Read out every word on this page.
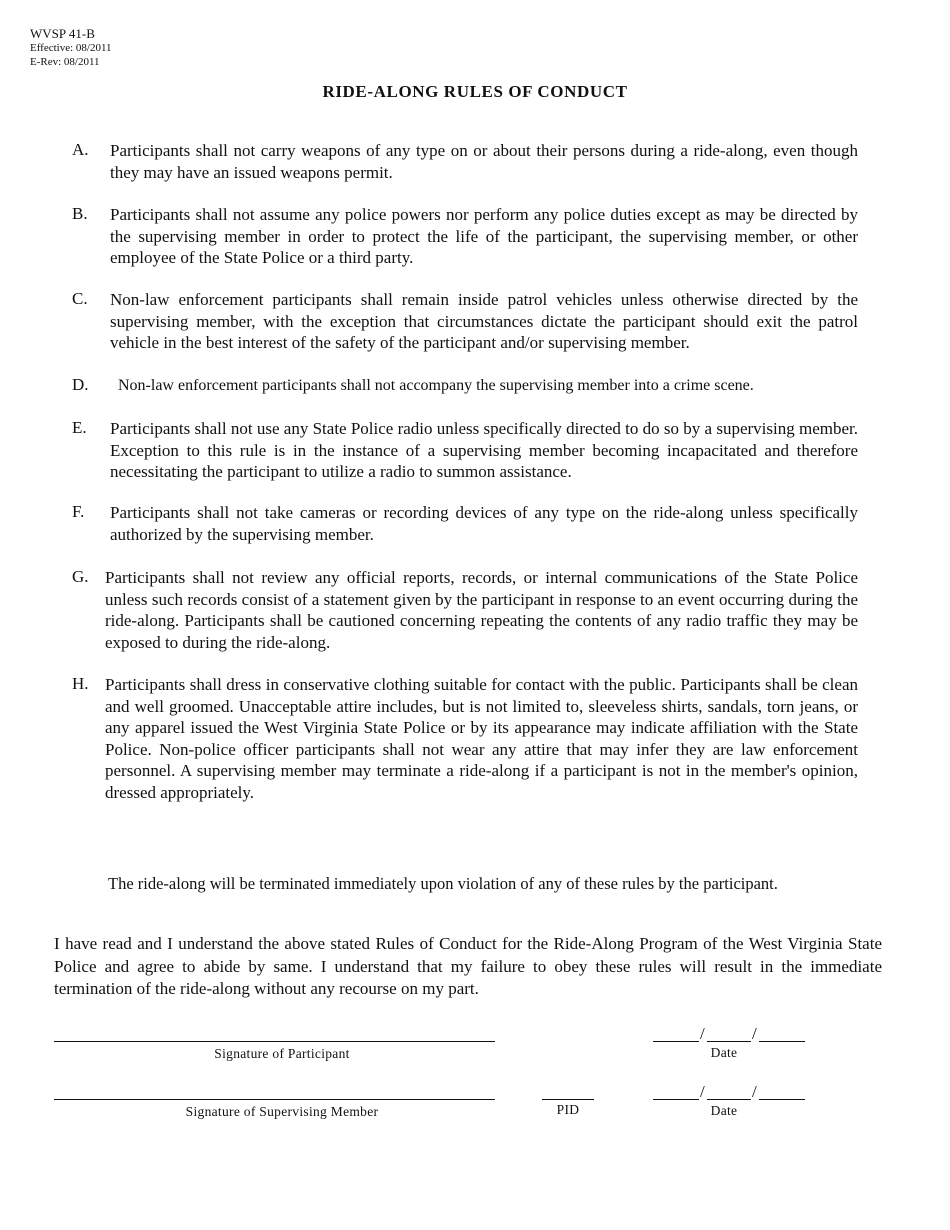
WVSP 41-B
Effective: 08/2011
E-Rev: 08/2011
RIDE-ALONG RULES OF CONDUCT
A.	Participants shall not carry weapons of any type on or about their persons during a ride-along, even though they may have an issued weapons permit.
B.	Participants shall not assume any police powers nor perform any police duties except as may be directed by the supervising member in order to protect the life of the participant, the supervising member, or other employee of the State Police or a third party.
C.	Non-law enforcement participants shall remain inside patrol vehicles unless otherwise directed by the supervising member, with the exception that circumstances dictate the participant should exit the patrol vehicle in the best interest of the safety of the participant and/or supervising member.
D.	Non-law enforcement participants shall not accompany the supervising member into a crime scene.
E.	Participants shall not use any State Police radio unless specifically directed to do so by a supervising member. Exception to this rule is in the instance of a supervising member becoming incapacitated and therefore necessitating the participant to utilize a radio to summon assistance.
F.	Participants shall not take cameras or recording devices of any type on the ride-along unless specifically authorized by the supervising member.
G. Participants shall not review any official reports, records, or internal communications of the State Police unless such records consist of a statement given by the participant in response to an event occurring during the ride-along. Participants shall be cautioned concerning repeating the contents of any radio traffic they may be exposed to during the ride-along.
H. Participants shall dress in conservative clothing suitable for contact with the public. Participants shall be clean and well groomed. Unacceptable attire includes, but is not limited to, sleeveless shirts, sandals, torn jeans, or any apparel issued the West Virginia State Police or by its appearance may indicate affiliation with the State Police. Non-police officer participants shall not wear any attire that may infer they are law enforcement personnel. A supervising member may terminate a ride-along if a participant is not in the member's opinion, dressed appropriately.
The ride-along will be terminated immediately upon violation of any of these rules by the participant.
I have read and I understand the above stated Rules of Conduct for the Ride-Along Program of the West Virginia State Police and agree to abide by same. I understand that my failure to obey these rules will result in the immediate termination of the ride-along without any recourse on my part.
Signature of Participant
/	/
Date
Signature of Supervising Member	PID
/	/
Date
